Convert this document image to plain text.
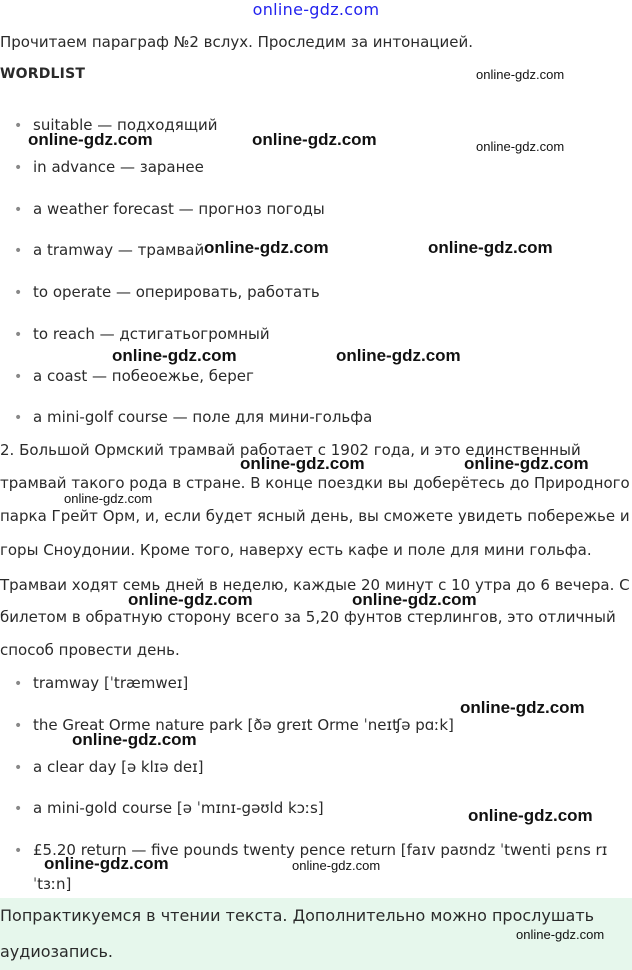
online-gdz.com
Прочитаем параграф №2 вслух. Проследим за интонацией.
WORDLIST
• suitable — подходящий
• in advance — заранее
• a weather forecast — прогноз погоды
• a tramway — трамвай
• to operate — оперировать, работать
• to reach — дстигатьогромный
• a coast — побеоежье, берег
• a mini-golf course — поле для мини-гольфа
2. Большой Ормский трамвай работает с 1902 года, и это единственный
трамвай такого рода в стране. В конце поездки вы доберётесь до Природного
парка Грейт Орм, и, если будет ясный день, вы сможете увидеть побережье и
горы Сноудонии. Кроме того, наверху есть кафе и поле для мини гольфа.
Трамваи ходят семь дней в неделю, каждые 20 минут с 10 утра до 6 вечера. С
билетом в обратную сторону всего за 5,20 фунтов стерлингов, это отличный
способ провести день.
• tramway [ˈtræmweɪ]
• the Great Orme nature park [ðə greɪt Orme ˈneɪʧə pɑːk]
• a clear day [ə klɪə deɪ]
• a mini-gold course [ə ˈmɪnɪ-gəʊld kɔːs]
• £5.20 return — five pounds twenty pence return [faɪv paʊndz ˈtwenti pɛns rɪ
ˈtɜːn]
Попрактикуемся в чтении текста. Дополнительно можно прослушать
аудиозапись.
online-gdz.com
online-gdz.com	online-gdz.com	online-gdz.com
online-gdz.com	online-gdz.com
online-gdz.com	online-gdz.com
online-gdz.com	online-gdz.com
online-gdz.com
online-gdz.com	online-gdz.com
online-gdz.com
online-gdz.com
online-gdz.com
online-gdz.com	online-gdz.com
online-gdz.com
